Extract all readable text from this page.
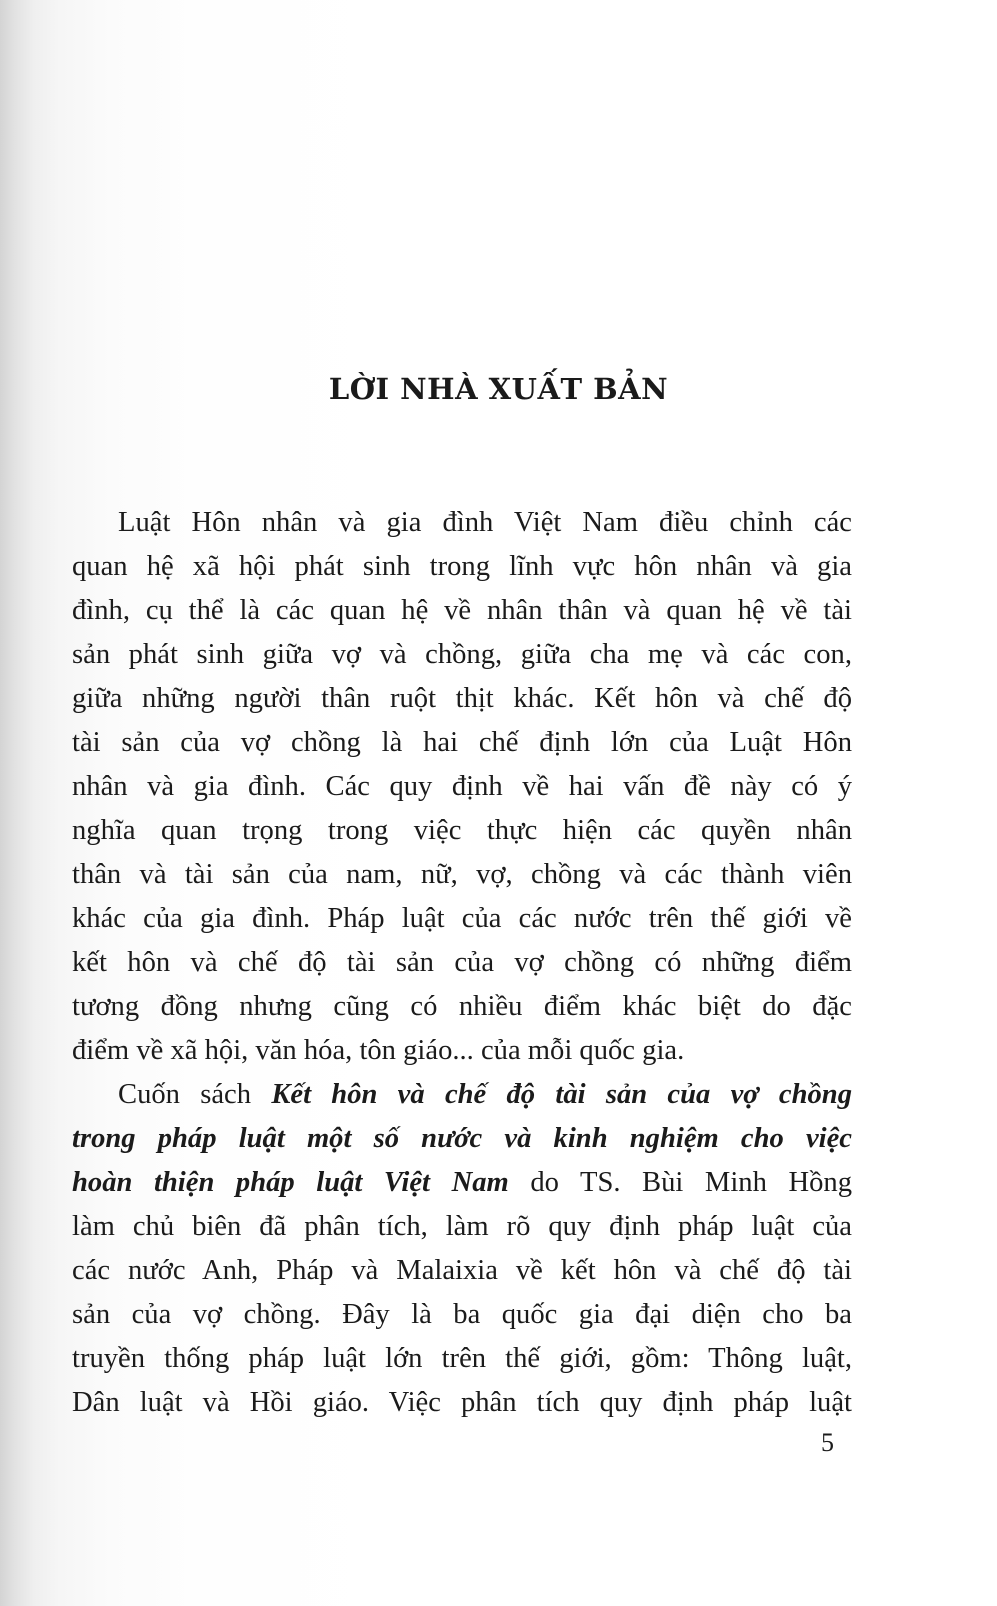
LỜI NHÀ XUẤT BẢN
Luật Hôn nhân và gia đình Việt Nam điều chỉnh các
quan hệ xã hội phát sinh trong lĩnh vực hôn nhân và gia
đình, cụ thể là các quan hệ về nhân thân và quan hệ về tài
sản phát sinh giữa vợ và chồng, giữa cha mẹ và các con,
giữa những người thân ruột thịt khác. Kết hôn và chế độ
tài sản của vợ chồng là hai chế định lớn của Luật Hôn
nhân và gia đình. Các quy định về hai vấn đề này có ý
nghĩa quan trọng trong việc thực hiện các quyền nhân
thân và tài sản của nam, nữ, vợ, chồng và các thành viên
khác của gia đình. Pháp luật của các nước trên thế giới về
kết hôn và chế độ tài sản của vợ chồng có những điểm
tương đồng nhưng cũng có nhiều điểm khác biệt do đặc
điểm về xã hội, văn hóa, tôn giáo... của mỗi quốc gia.
Cuốn sách Kết hôn và chế độ tài sản của vợ chồng
trong pháp luật một số nước và kinh nghiệm cho việc
hoàn thiện pháp luật Việt Nam do TS. Bùi Minh Hồng
làm chủ biên đã phân tích, làm rõ quy định pháp luật của
các nước Anh, Pháp và Malaixia về kết hôn và chế độ tài
sản của vợ chồng. Đây là ba quốc gia đại diện cho ba
truyền thống pháp luật lớn trên thế giới, gồm: Thông luật,
Dân luật và Hồi giáo. Việc phân tích quy định pháp luật
5
